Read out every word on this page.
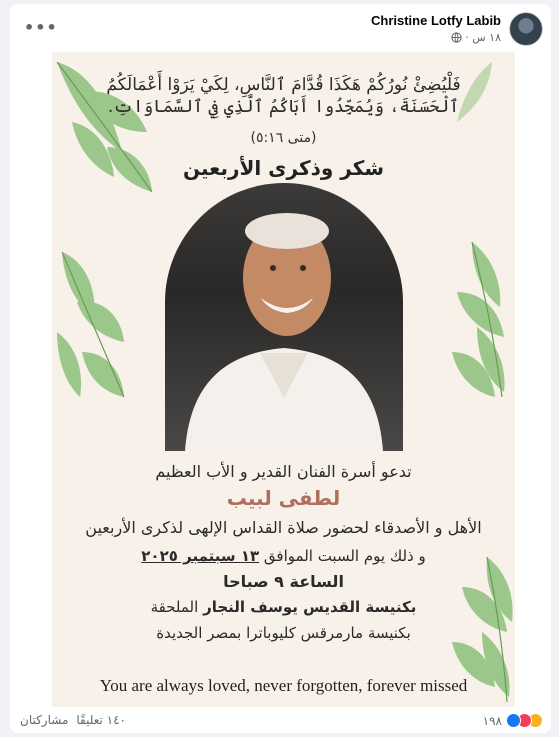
Christine Lotfy Labib
١٨ س ·
•••
فَلْيُضِئْ نُورُكُمْ هَكَذَا قُدَّامَ ٱلنَّاسِ، لِكَيْ يَرَوْا أَعْمَالَكُمُ
ٱلْحَسَنَةَ، وَيُمَجِّدُوا أَبَاكُمُ ٱلَّذِي فِي ٱلسَّمَاوَاتِ.
(متى ٥:١٦)
شكر وذكرى الأربعين
تدعو أسرة الفنان القدير و الأب العظيم
لطفى لبيب
الأهل و الأصدقاء لحضور صلاة القداس الإلهى لذكرى الأربعين
و ذلك يوم السبت الموافق ١٣ سبتمبر ٢٠٢٥
الساعة ٩ صباحا
بكنيسة القديس يوسف النجار الملحقة
بكنيسة مارمرقس كليوباترا بمصر الجديدة
You are always loved, never forgotten, forever missed
١٩٨
١٤٠ تعليقًا
مشاركتان
